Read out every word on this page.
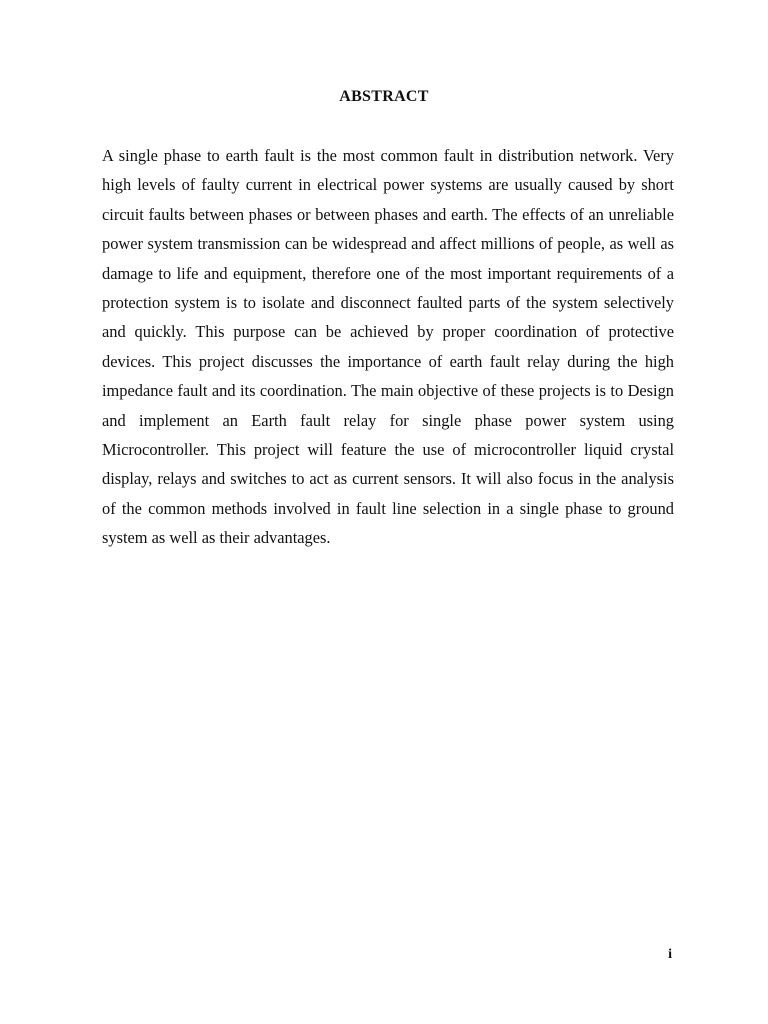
ABSTRACT

A single phase to earth fault is the most common fault in distribution network. Very high levels of faulty current in electrical power systems are usually caused by short circuit faults between phases or between phases and earth. The effects of an unreliable power system transmission can be widespread and affect millions of people, as well as damage to life and equipment, therefore one of the most important requirements of a protection system is to isolate and disconnect faulted parts of the system selectively and quickly. This purpose can be achieved by proper coordination of protective devices. This project discusses the importance of earth fault relay during the high impedance fault and its coordination. The main objective of these projects is to Design and implement an Earth fault relay for single phase power system using Microcontroller. This project will feature the use of microcontroller liquid crystal display, relays and switches to act as current sensors. It will also focus in the analysis of the common methods involved in fault line selection in a single phase to ground system as well as their advantages.

i
